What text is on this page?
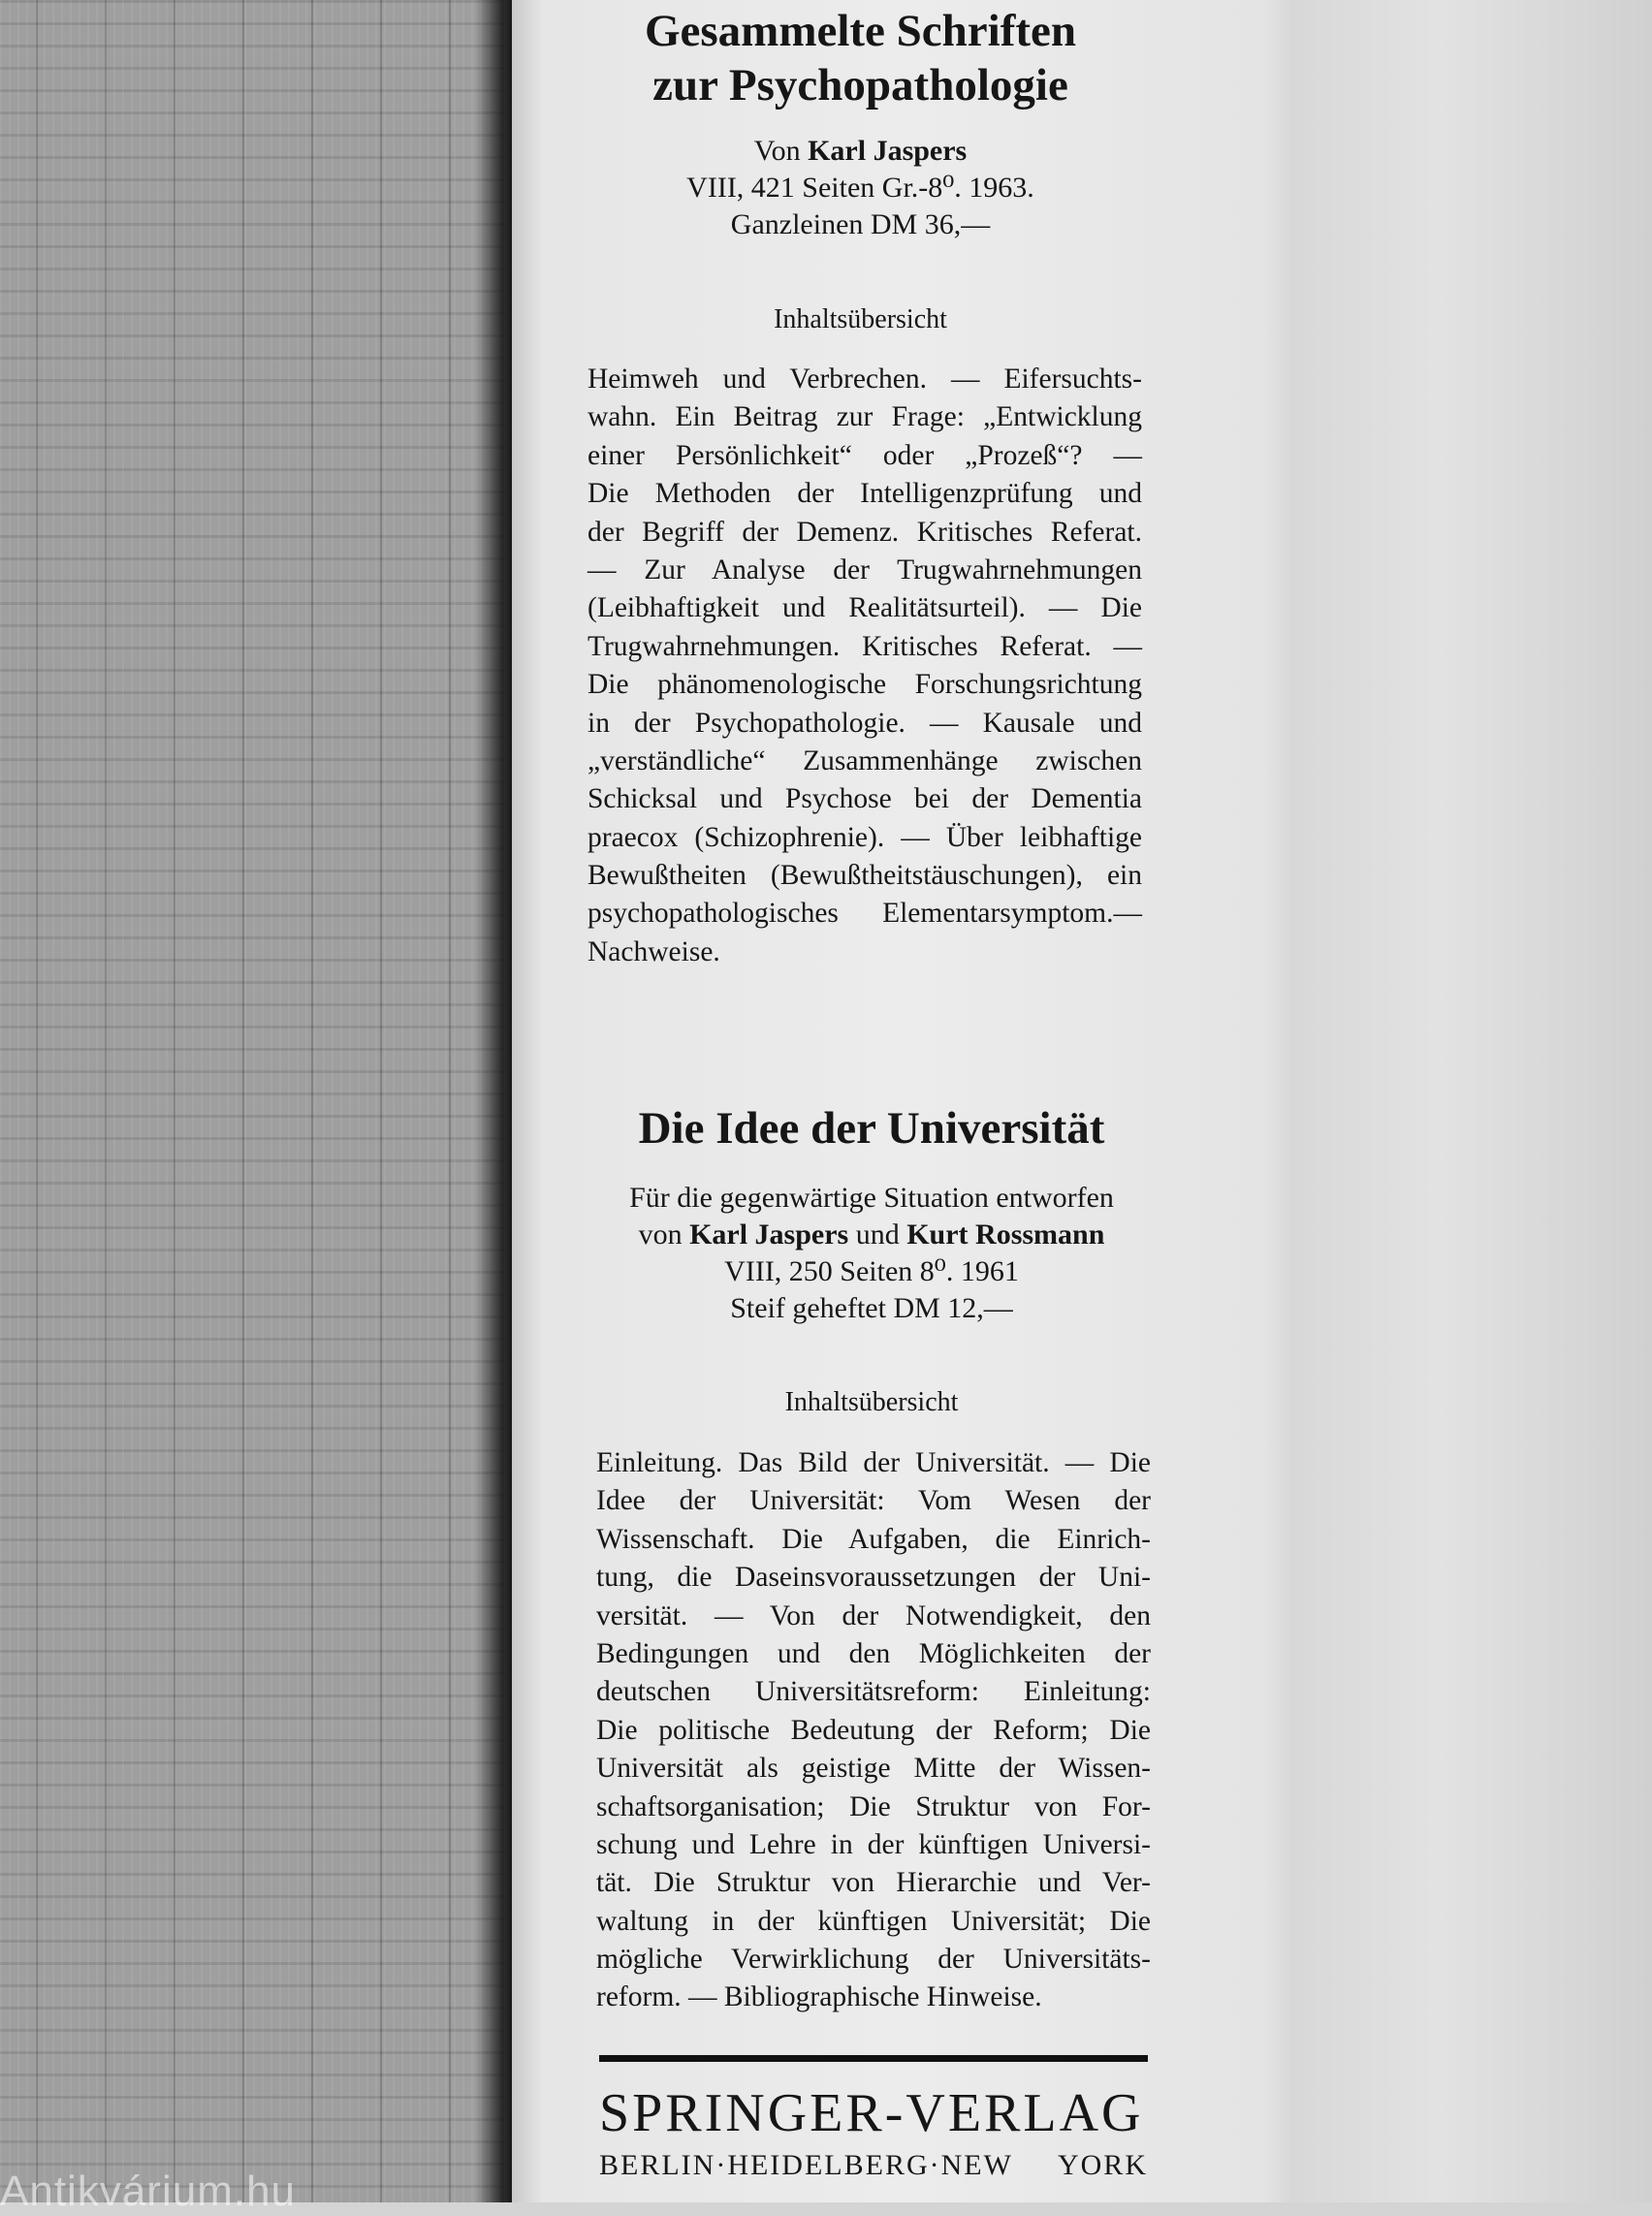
Antikvárium.hu
Gesammelte Schriften
zur Psychopathologie
Von Karl Jaspers
VIII, 421 Seiten Gr.-8⁰. 1963.
Ganzleinen DM 36,—
Inhaltsübersicht
Heimweh und Verbrechen. — Eifersuchts-
wahn. Ein Beitrag zur Frage: „Entwicklung
einer Persönlichkeit“ oder „Prozeß“? —
Die Methoden der Intelligenzprüfung und
der Begriff der Demenz. Kritisches Referat.
— Zur Analyse der Trugwahrnehmungen
(Leibhaftigkeit und Realitätsurteil). — Die
Trugwahrnehmungen. Kritisches Referat. —
Die phänomenologische Forschungsrichtung
in der Psychopathologie. — Kausale und
„verständliche“ Zusammenhänge zwischen
Schicksal und Psychose bei der Dementia
praecox (Schizophrenie). — Über leibhaftige
Bewußtheiten (Bewußtheitstäuschungen), ein
psychopathologisches Elementarsymptom.—
Nachweise.
Die Idee der Universität
Für die gegenwärtige Situation entworfen
von Karl Jaspers und Kurt Rossmann
VIII, 250 Seiten 8⁰. 1961
Steif geheftet DM 12,—
Inhaltsübersicht
Einleitung. Das Bild der Universität. — Die
Idee der Universität: Vom Wesen der
Wissenschaft. Die Aufgaben, die Einrich-
tung, die Daseinsvoraussetzungen der Uni-
versität. — Von der Notwendigkeit, den
Bedingungen und den Möglichkeiten der
deutschen Universitätsreform: Einleitung:
Die politische Bedeutung der Reform; Die
Universität als geistige Mitte der Wissen-
schaftsorganisation; Die Struktur von For-
schung und Lehre in der künftigen Universi-
tät. Die Struktur von Hierarchie und Ver-
waltung in der künftigen Universität; Die
mögliche Verwirklichung der Universitäts-
reform. — Bibliographische Hinweise.
SPRINGER-VERLAG
BERLIN·HEIDELBERG·NEW YORK
